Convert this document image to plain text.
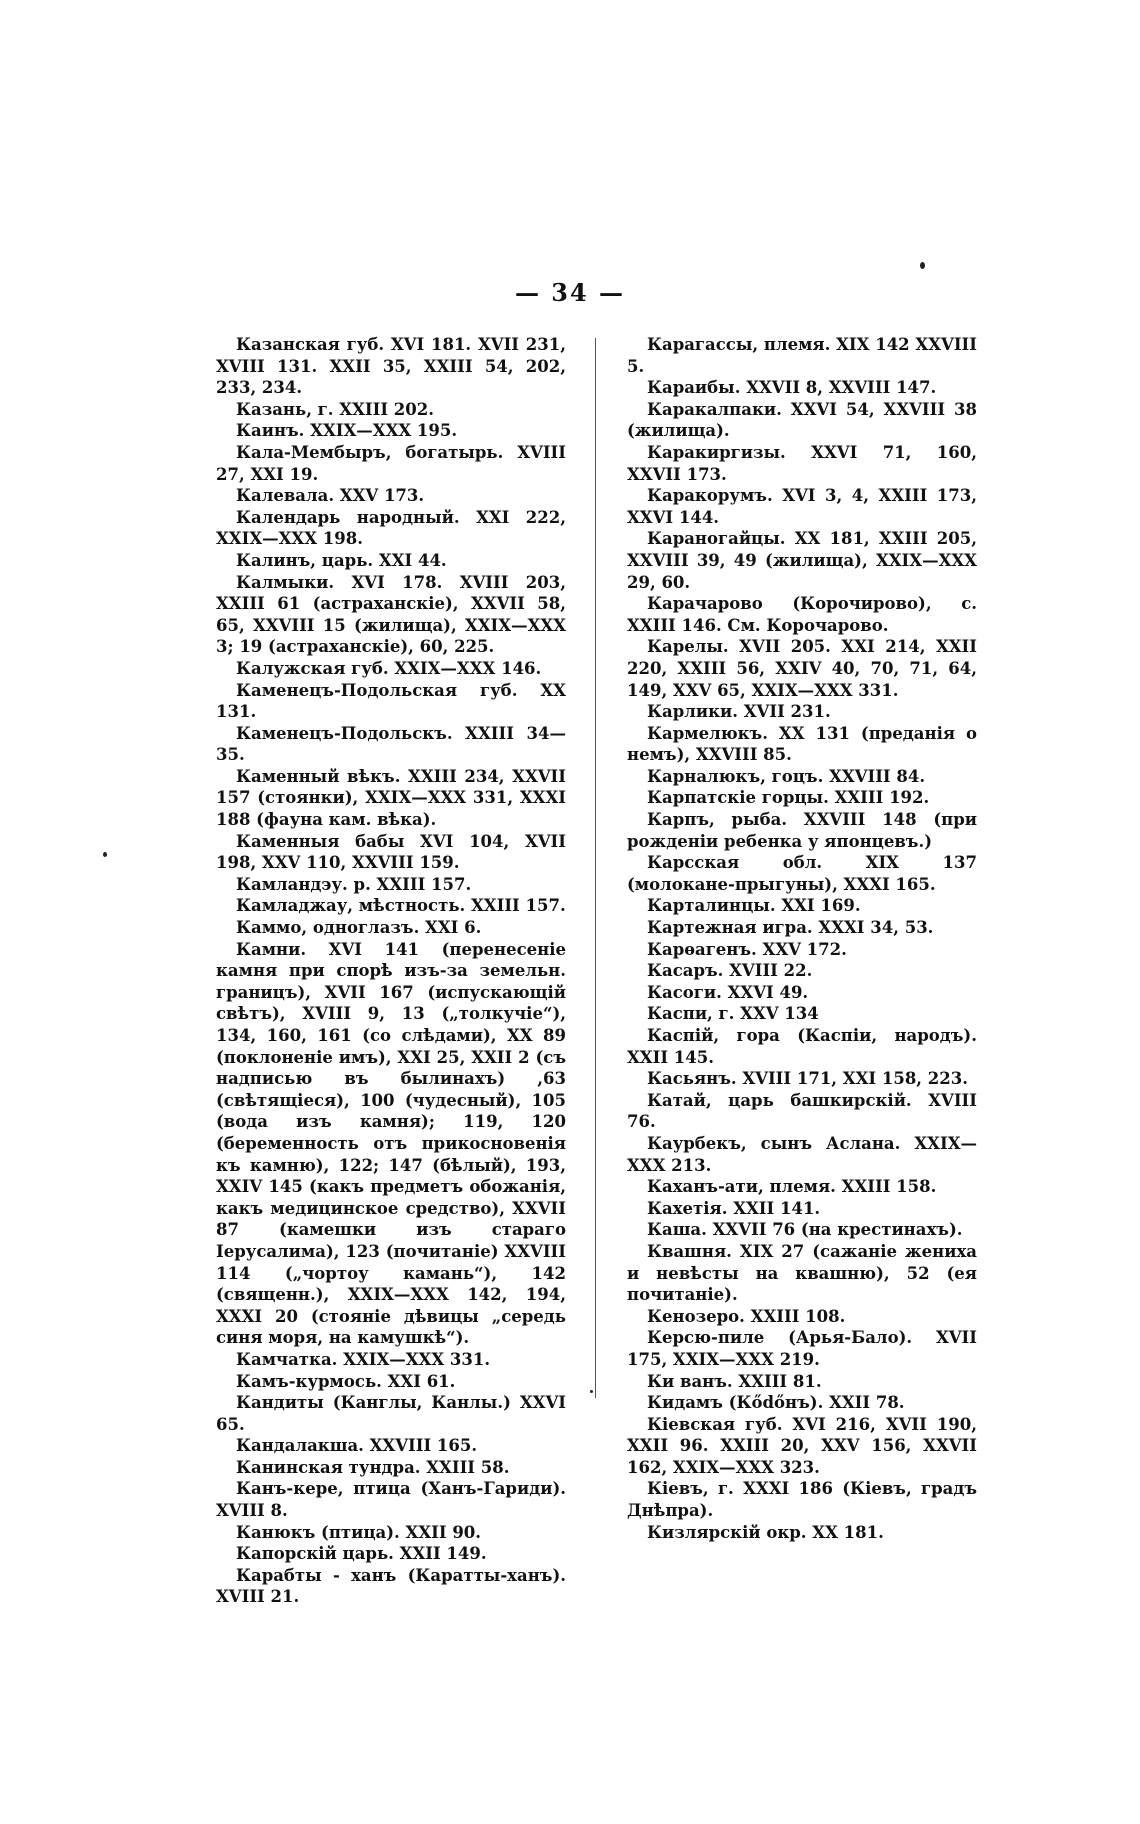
— 34 —

Казанская губ. XVI 181. XVII 231, XVIII 131. XXII 35, XXIII 54, 202, 233, 234.

Казань, г. XXIII 202.

Каинъ. XXIX—XXX 195.

Кала-Мембыръ, богатырь. XVIII 27, XXI 19.

Калевала. XXV 173.

Календарь народный. XXI 222, XXIX—XXX 198.

Калинъ, царь. XXI 44.

Калмыки. XVI 178. XVIII 203, XXIII 61 (астраханскіе), XXVII 58, 65, XXVIII 15 (жилища), XXIX—XXX 3; 19 (астраханскіе), 60, 225.

Калужская губ. XXIX—XXX 146.

Каменецъ-Подольская губ. XX 131.

Каменецъ-Подольскъ. XXIII 34—35.

Каменный вѣкъ. XXIII 234, XXVII 157 (стоянки), XXIX—XXX 331, XXXI 188 (фауна кам. вѣка).

Каменныя бабы XVI 104, XVII 198, XXV 110, XXVIII 159.

Камландэу. р. XXIII 157.

Камладжау, мѣстность. XXIII 157.

Каммо, одноглазъ. XXI 6.

Камни. XVI 141 (перенесеніе камня при спорѣ изъ-за земельн. границъ), XVII 167 (испускающій свѣтъ), XVIII 9, 13 („толкучіе“), 134, 160, 161 (со слѣдами), XX 89 (поклоненіе имъ), XXI 25, XXII 2 (съ надписью въ былинахъ) ,63 (свѣтящіеся), 100 (чудесный), 105 (вода изъ камня); 119, 120 (беременность отъ прикосновенія къ камню), 122; 147 (бѣлый), 193, XXIV 145 (какъ предметъ обожанія, какъ медицинское средство), XXVII 87 (камешки изъ стараго Іерусалима), 123 (почитаніе) XXVIII 114 („чортоу камань“), 142 (священн.), XXIX—XXX 142, 194, XXXI 20 (стояніе дѣвицы „середь синя моря, на камушкѣ“).

Камчатка. XXIX—XXX 331.

Камъ-курмось. XXI 61.

Кандиты (Канглы, Канлы.) XXVI 65.

Кандалакша. XXVIII 165.

Канинская тундра. XXIII 58.

Канъ-кере, птица (Ханъ-Гариди). XVIII 8.

Канюкъ (птица). XXII 90.

Капорскій царь. XXII 149.

Карабты - ханъ (Каратты-ханъ). XVIII 21.

Карагассы, племя. XIX 142 XXVIII 5.

Караибы. XXVII 8, XXVIII 147.

Каракалпаки. XXVI 54, XXVIII 38 (жилища).

Каракиргизы. XXVI 71, 160, XXVII 173.

Каракорумъ. XVI 3, 4, XXIII 173, XXVI 144.

Караногайцы. XX 181, XXIII 205, XXVIII 39, 49 (жилища), XXIX—XXX 29, 60.

Карачарово (Корочирово), с. XXIII 146. См. Корочарово.

Карелы. XVII 205. XXI 214, XXII 220, XXIII 56, XXIV 40, 70, 71, 64, 149, XXV 65, XXIX—XXX 331.

Карлики. XVII 231.

Кармелюкъ. XX 131 (преданія о немъ), XXVIII 85.

Карналюкъ, гоцъ. XXVIII 84.

Карпатскіе горцы. XXIII 192.

Карпъ, рыба. XXVIII 148 (при рожденіи ребенка у японцевъ.)

Карсская обл. XIX 137 (молокане-прыгуны), XXXI 165.

Карталинцы. XXI 169.

Картежная игра. XXXI 34, 53.

Карѳагенъ. XXV 172.

Касаръ. XVIII 22.

Касоги. XXVI 49.

Каспи, г. XXV 134

Каспій, гора (Каспіи, народъ). XXII 145.

Касьянъ. XVIII 171, XXI 158, 223.

Катай, царь башкирскій. XVIII 76.

Каурбекъ, сынъ Аслана. XXIX—XXX 213.

Каханъ-ати, племя. XXIII 158.

Кахетія. XXII 141.

Каша. XXVII 76 (на крестинахъ).

Квашня. XIX 27 (сажаніе жениха и невѣсты на квашню), 52 (ея почитаніе).

Кенозеро. XXIII 108.

Керсю-пиле (Арья-Бало). XVII 175, XXIX—XXX 219.

Ки ванъ. XXIII 81.

Кидамъ (Кődőнъ). XXII 78.

Кіевская губ. XVI 216, XVII 190, XXII 96. XXIII 20, XXV 156, XXVII 162, XXIX—XXX 323.

Кіевъ, г. XXXI 186 (Кіевъ, градъ Днѣпра).

Кизлярскій окр. XX 181.
